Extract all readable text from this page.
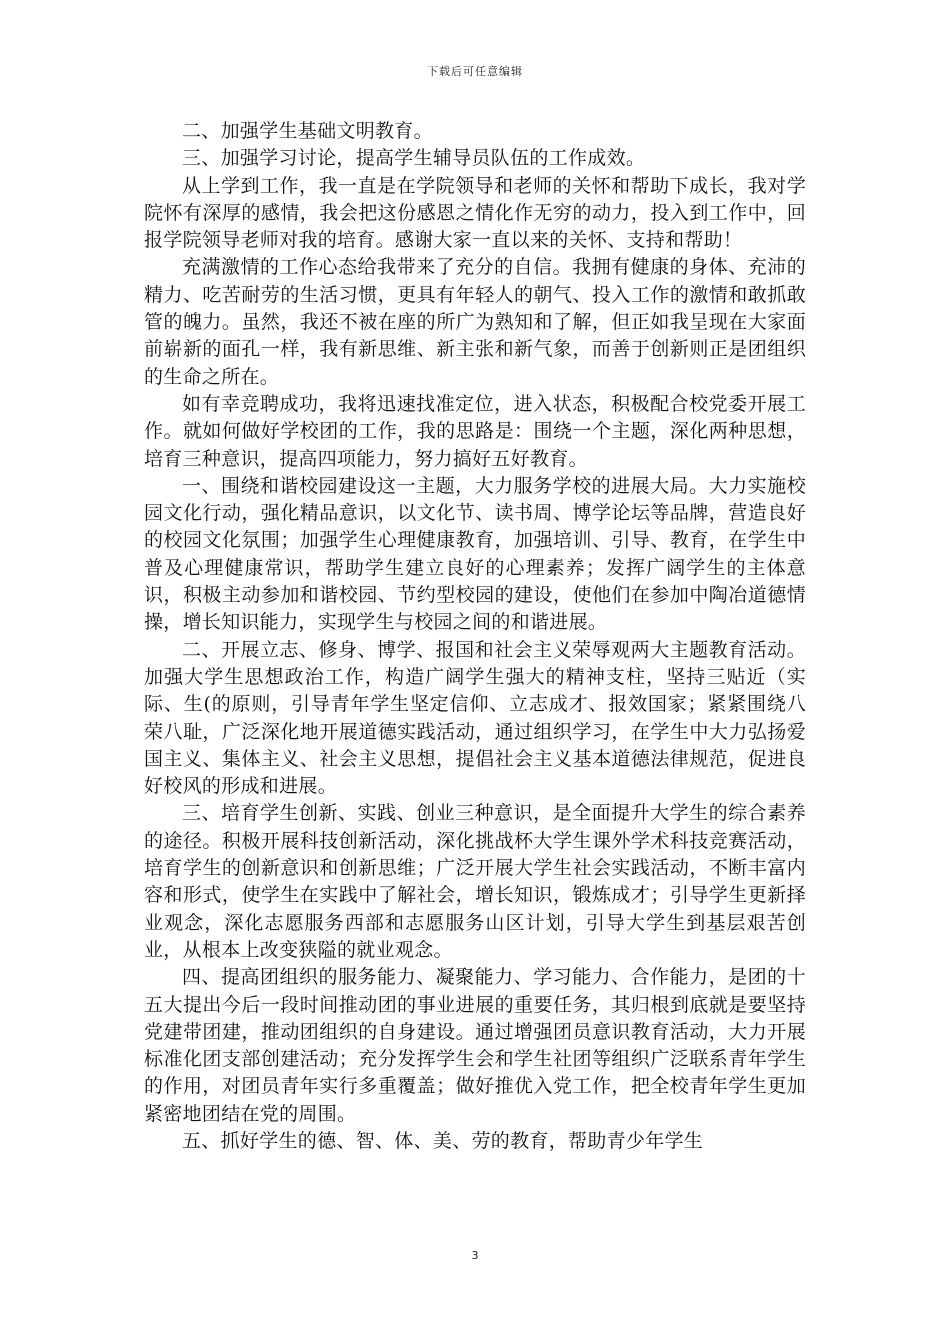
下载后可任意编辑

二、加强学生基础文明教育。

三、加强学习讨论，提高学生辅导员队伍的工作成效。

从上学到工作，我一直是在学院领导和老师的关怀和帮助下成长，我对学院怀有深厚的感情，我会把这份感恩之情化作无穷的动力，投入到工作中，回报学院领导老师对我的培育。感谢大家一直以来的关怀、支持和帮助！

充满激情的工作心态给我带来了充分的自信。我拥有健康的身体、充沛的精力、吃苦耐劳的生活习惯，更具有年轻人的朝气、投入工作的激情和敢抓敢管的魄力。虽然，我还不被在座的所广为熟知和了解，但正如我呈现在大家面前崭新的面孔一样，我有新思维、新主张和新气象，而善于创新则正是团组织的生命之所在。

如有幸竞聘成功，我将迅速找准定位，进入状态，积极配合校党委开展工作。就如何做好学校团的工作，我的思路是：围绕一个主题，深化两种思想，培育三种意识，提高四项能力，努力搞好五好教育。

一、围绕和谐校园建设这一主题，大力服务学校的进展大局。大力实施校园文化行动，强化精品意识，以文化节、读书周、博学论坛等品牌，营造良好的校园文化氛围；加强学生心理健康教育，加强培训、引导、教育，在学生中普及心理健康常识，帮助学生建立良好的心理素养；发挥广阔学生的主体意识，积极主动参加和谐校园、节约型校园的建设，使他们在参加中陶冶道德情操，增长知识能力，实现学生与校园之间的和谐进展。

二、开展立志、修身、博学、报国和社会主义荣辱观两大主题教育活动。加强大学生思想政治工作，构造广阔学生强大的精神支柱，坚持三贴近（实际、生(的原则，引导青年学生坚定信仰、立志成才、报效国家；紧紧围绕八荣八耻，广泛深化地开展道德实践活动，通过组织学习，在学生中大力弘扬爱国主义、集体主义、社会主义思想，提倡社会主义基本道德法律规范，促进良好校风的形成和进展。

三、培育学生创新、实践、创业三种意识，是全面提升大学生的综合素养的途径。积极开展科技创新活动，深化挑战杯大学生课外学术科技竞赛活动，培育学生的创新意识和创新思维；广泛开展大学生社会实践活动，不断丰富内容和形式，使学生在实践中了解社会，增长知识，锻炼成才；引导学生更新择业观念，深化志愿服务西部和志愿服务山区计划，引导大学生到基层艰苦创业，从根本上改变狭隘的就业观念。

四、提高团组织的服务能力、凝聚能力、学习能力、合作能力，是团的十五大提出今后一段时间推动团的事业进展的重要任务，其归根到底就是要坚持党建带团建，推动团组织的自身建设。通过增强团员意识教育活动，大力开展标准化团支部创建活动；充分发挥学生会和学生社团等组织广泛联系青年学生的作用，对团员青年实行多重覆盖；做好推优入党工作，把全校青年学生更加紧密地团结在党的周围。

五、抓好学生的德、智、体、美、劳的教育，帮助青少年学生

3
